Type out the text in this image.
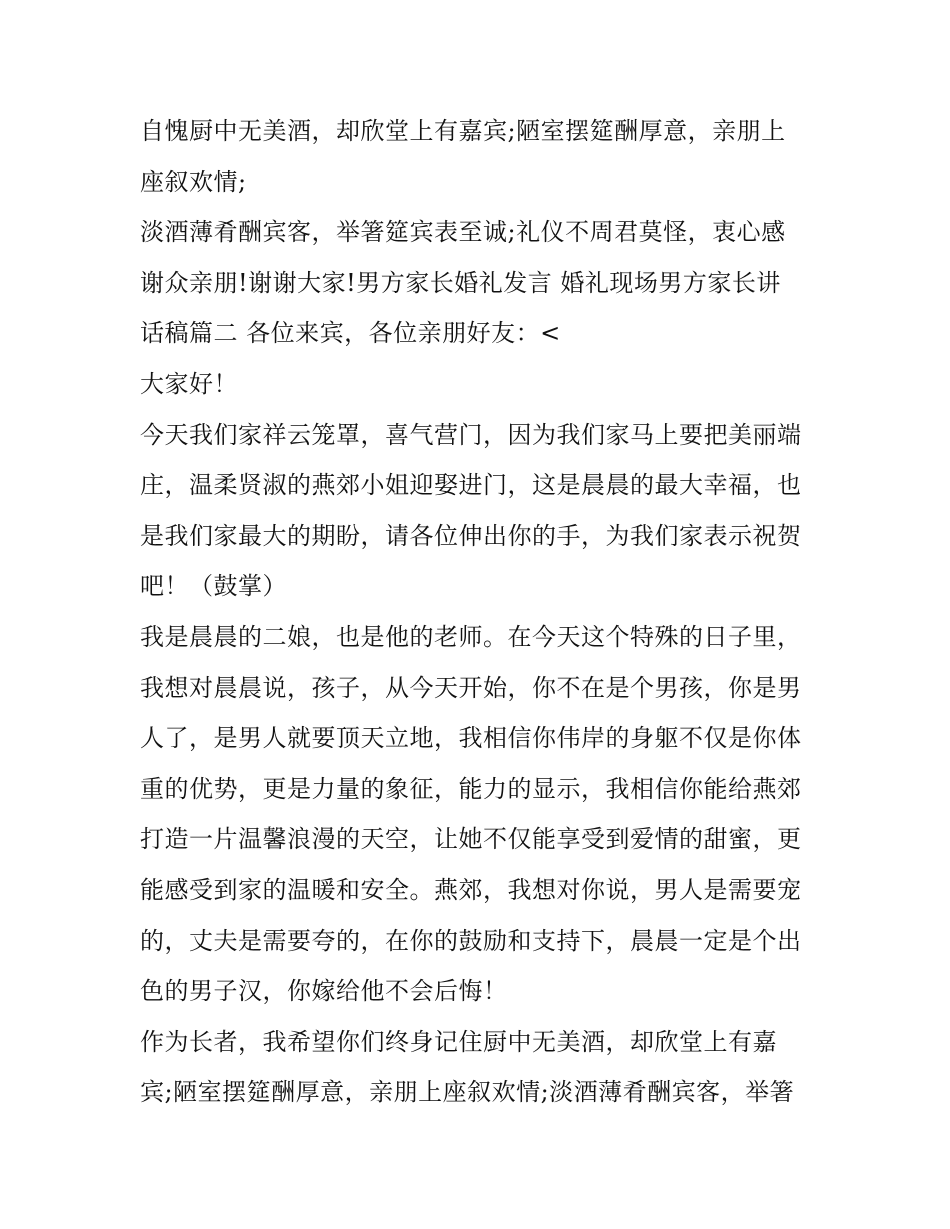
自愧厨中无美酒，却欣堂上有嘉宾;陋室摆筵酬厚意，亲朋上
座叙欢情;
淡酒薄肴酬宾客，举箸筵宾表至诚;礼仪不周君莫怪，衷心感
谢众亲朋!谢谢大家!男方家长婚礼发言 婚礼现场男方家长讲
话稿篇二 各位来宾，各位亲朋好友：<
大家好！
今天我们家祥云笼罩，喜气营门，因为我们家马上要把美丽端
庄，温柔贤淑的燕郊小姐迎娶进门，这是晨晨的最大幸福，也
是我们家最大的期盼，请各位伸出你的手，为我们家表示祝贺
吧！（鼓掌）
我是晨晨的二娘，也是他的老师。在今天这个特殊的日子里，
我想对晨晨说，孩子，从今天开始，你不在是个男孩，你是男
人了，是男人就要顶天立地，我相信你伟岸的身躯不仅是你体
重的优势，更是力量的象征，能力的显示，我相信你能给燕郊
打造一片温馨浪漫的天空，让她不仅能享受到爱情的甜蜜，更
能感受到家的温暖和安全。燕郊，我想对你说，男人是需要宠
的，丈夫是需要夸的，在你的鼓励和支持下，晨晨一定是个出
色的男子汉，你嫁给他不会后悔！
作为长者，我希望你们终身记住厨中无美酒，却欣堂上有嘉
宾;陋室摆筵酬厚意，亲朋上座叙欢情;淡酒薄肴酬宾客，举箸
